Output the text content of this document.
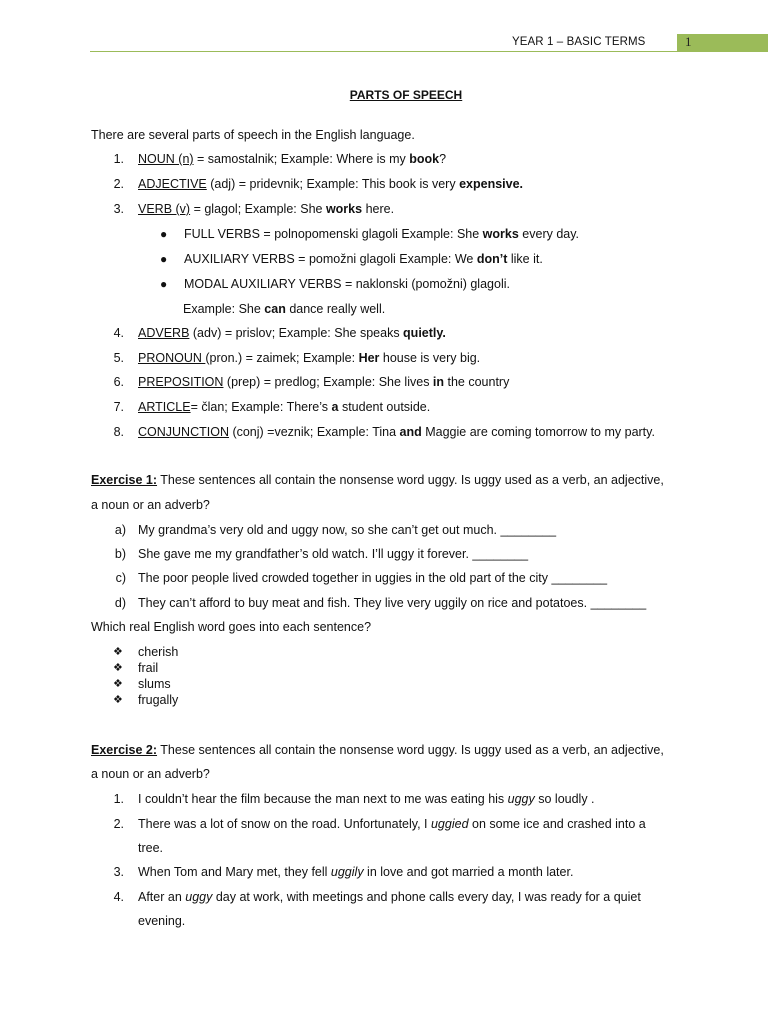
YEAR 1 – BASIC TERMS	1
PARTS OF SPEECH
There are several parts of speech in the English language.
1. NOUN (n) = samostalnik; Example: Where is my book?
2. ADJECTIVE (adj) = pridevnik; Example: This book is very expensive.
3. VERB (v) = glagol; Example: She works here.
● FULL VERBS = polnopomenski glagoli Example: She works every day.
● AUXILIARY VERBS = pomožni glagoli Example: We don’t like it.
● MODAL AUXILIARY VERBS = naklonski (pomožni) glagoli.
Example: She can dance really well.
4. ADVERB (adv) = prislov; Example: She speaks quietly.
5. PRONOUN (pron.) = zaimek; Example: Her house is very big.
6. PREPOSITION (prep) = predlog; Example: She lives in the country
7. ARTICLE= član; Example: There’s a student outside.
8. CONJUNCTION (conj) =veznik; Example: Tina and Maggie are coming tomorrow to my party.
Exercise 1: These sentences all contain the nonsense word uggy. Is uggy used as a verb, an adjective,
a noun or an adverb?
a) My grandma’s very old and uggy now, so she can’t get out much. ________
b) She gave me my grandfather’s old watch. I’ll uggy it forever. ________
c) The poor people lived crowded together in uggies in the old part of the city ________
d) They can’t afford to buy meat and fish. They live very uggily on rice and potatoes. ________
Which real English word goes into each sentence?
❖ cherish
❖ frail
❖ slums
❖ frugally
Exercise 2: These sentences all contain the nonsense word uggy. Is uggy used as a verb, an adjective,
a noun or an adverb?
1. I couldn’t hear the film because the man next to me was eating his uggy so loudly .
2. There was a lot of snow on the road. Unfortunately, I uggied on some ice and crashed into a
tree.
3. When Tom and Mary met, they fell uggily in love and got married a month later.
4. After an uggy day at work, with meetings and phone calls every day, I was ready for a quiet
evening.
